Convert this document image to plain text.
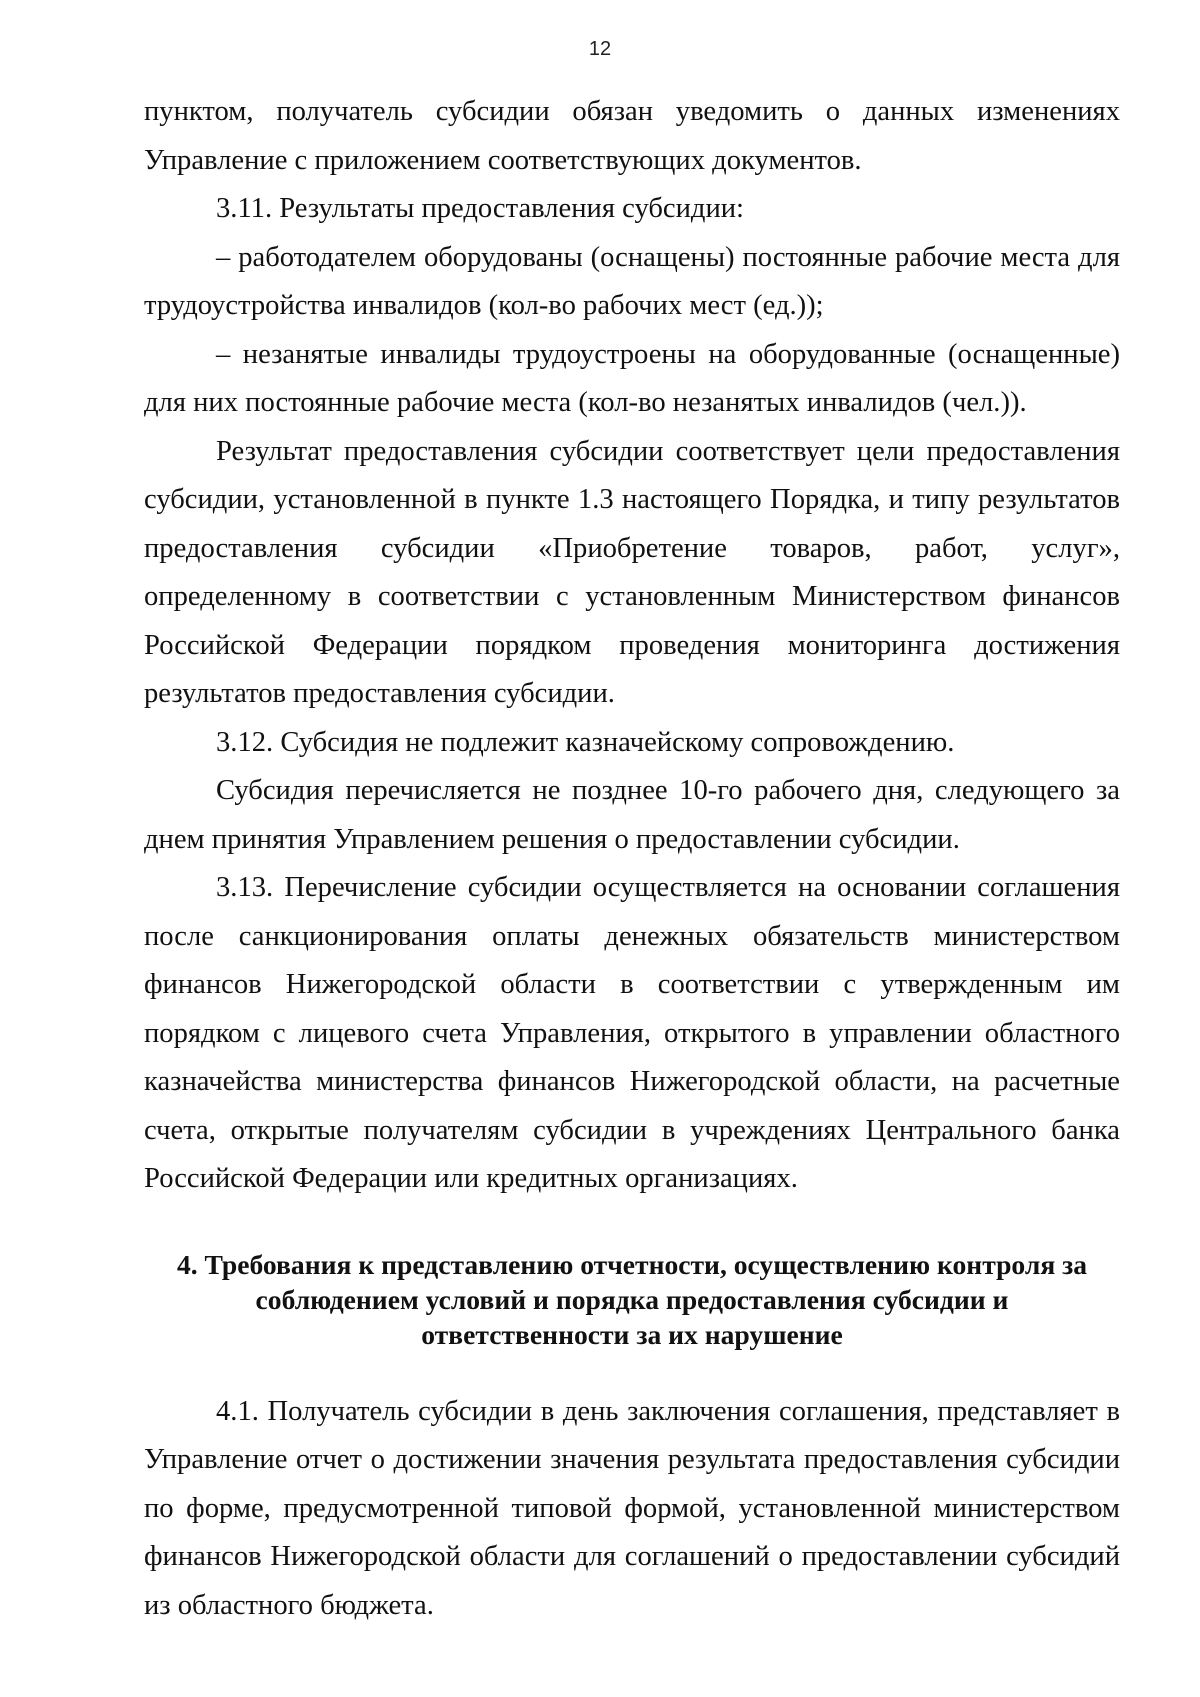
12

пунктом, получатель субсидии обязан уведомить о данных изменениях Управление с приложением соответствующих документов.

3.11. Результаты предоставления субсидии:

– работодателем оборудованы (оснащены) постоянные рабочие места для трудоустройства инвалидов (кол-во рабочих мест (ед.));

– незанятые инвалиды трудоустроены на оборудованные (оснащенные) для них постоянные рабочие места (кол-во незанятых инвалидов (чел.)).

Результат предоставления субсидии соответствует цели предоставления субсидии, установленной в пункте 1.3 настоящего Порядка, и типу результатов предоставления субсидии «Приобретение товаров, работ, услуг», определенному в соответствии с установленным Министерством финансов Российской Федерации порядком проведения мониторинга достижения результатов предоставления субсидии.

3.12. Субсидия не подлежит казначейскому сопровождению.

Субсидия перечисляется не позднее 10-го рабочего дня, следующего за днем принятия Управлением решения о предоставлении субсидии.

3.13. Перечисление субсидии осуществляется на основании соглашения после санкционирования оплаты денежных обязательств министерством финансов Нижегородской области в соответствии с утвержденным им порядком с лицевого счета Управления, открытого в управлении областного казначейства министерства финансов Нижегородской области, на расчетные счета, открытые получателям субсидии в учреждениях Центрального банка Российской Федерации или кредитных организациях.

4. Требования к представлению отчетности, осуществлению контроля за
соблюдением условий и порядка предоставления субсидии и
ответственности за их нарушение

4.1. Получатель субсидии в день заключения соглашения, представляет в Управление отчет о достижении значения результата предоставления субсидии по форме, предусмотренной типовой формой, установленной министерством финансов Нижегородской области для соглашений о предоставлении субсидий из областного бюджета.
